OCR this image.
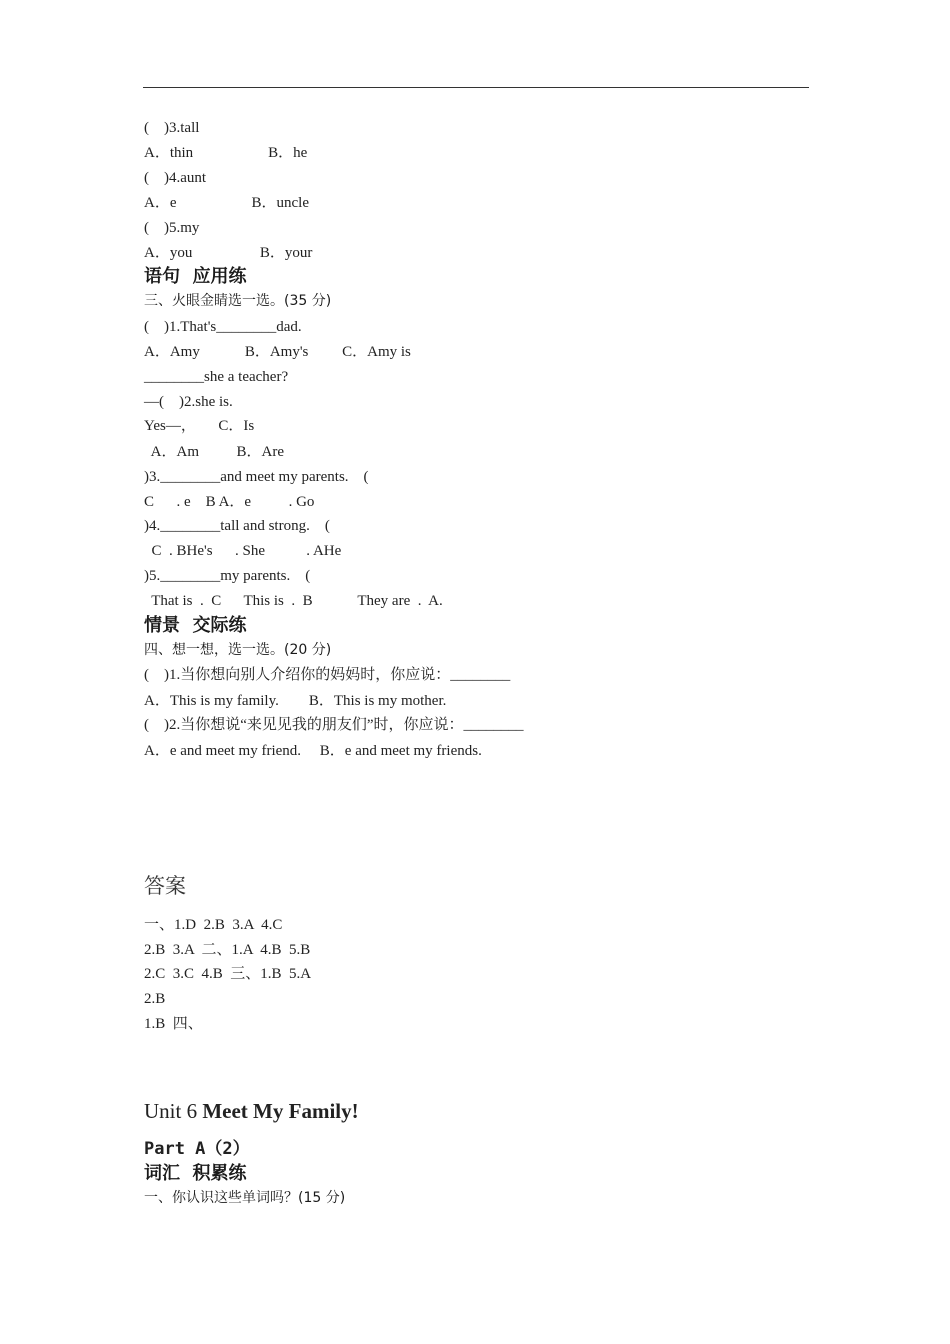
(    )3.tall
A．thin                    B．he
(    )4.aunt
A．e                    B．uncle
(    )5.my
A．you                  B．your
语句  应用练
三、火眼金睛选一选。(35 分)
(    )1.That's________dad.
A．Amy            B．Amy's         C．Amy is
________she a teacher?
—(    )2.she is.
Yes—，      C．Is
A．Am          B．Are
)3.________and meet my parents.    (
C      . e    B A．e          . Go
)4.________tall and strong.    (
C  . BHe's      . She           . AHe
)5.________my parents.    (
That is  .  C      This is  .  B            They are  .  A.
情景  交际练
四、想一想，选一选。(20 分)
(    )1.当你想向别人介绍你的妈妈时，你应说：________
A．This is my family.        B．This is my mother.
(    )2.当你想说“来见见我的朋友们”时，你应说：________
A．e and meet my friend.     B．e and meet my friends.
答案
一、1.D  2.B  3.A  4.C
2.B  3.A  二、1.A  4.B  5.B
2.C  3.C  4.B  三、1.B  5.A
2.B
1.B  四、
Unit 6 Meet My Family!
Part A（2）
词汇  积累练
一、你认识这些单词吗？(15 分)
